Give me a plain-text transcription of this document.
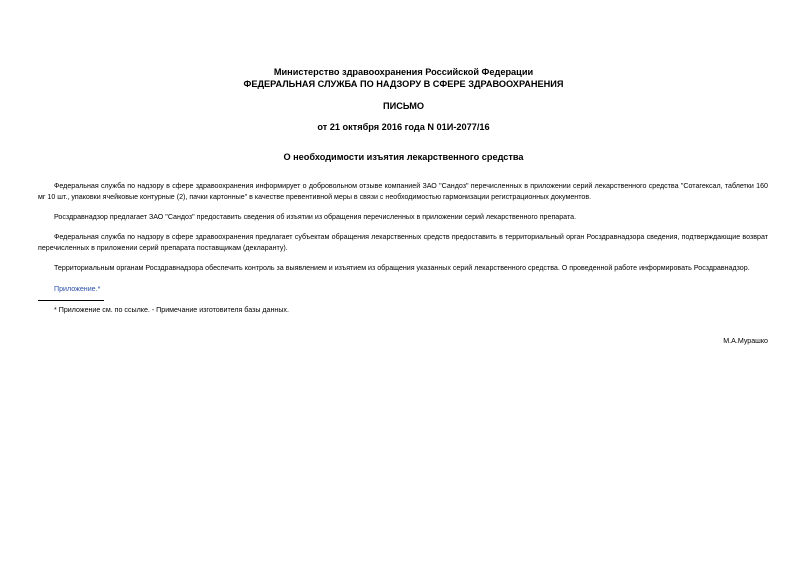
Министерство здравоохранения Российской Федерации
ФЕДЕРАЛЬНАЯ СЛУЖБА ПО НАДЗОРУ В СФЕРЕ ЗДРАВООХРАНЕНИЯ
ПИСЬМО
от 21 октября 2016 года N 01И-2077/16
О необходимости изъятия лекарственного средства
Федеральная служба по надзору в сфере здравоохранения информирует о добровольном отзыве компанией ЗАО "Сандоз" перечисленных в приложении серий лекарственного средства "Сотагексал, таблетки 160 мг 10 шт., упаковки ячейковые контурные (2), пачки картонные" в качестве превентивной меры в связи с необходимостью гармонизации регистрационных документов.
Росздравнадзор предлагает ЗАО "Сандоз" предоставить сведения об изъятии из обращения перечисленных в приложении серий лекарственного препарата.
Федеральная служба по надзору в сфере здравоохранения предлагает субъектам обращения лекарственных средств предоставить в территориальный орган Росздравнадзора сведения, подтверждающие возврат перечисленных в приложении серий препарата поставщикам (декларанту).
Территориальным органам Росздравнадзора обеспечить контроль за выявлением и изъятием из обращения указанных серий лекарственного средства. О проведенной работе информировать Росздравнадзор.
Приложение.*
* Приложение см. по ссылке. - Примечание изготовителя базы данных.
М.А.Мурашко
